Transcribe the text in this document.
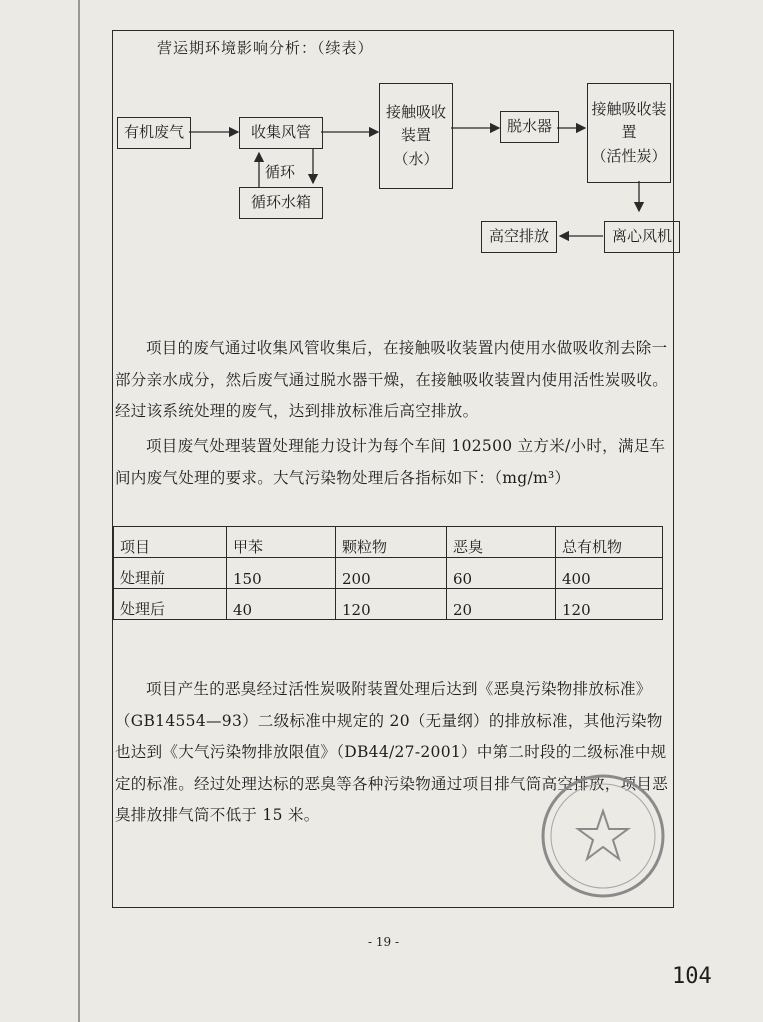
营运期环境影响分析：（续表）
有机废气	收集风管
循环
循环水箱
接触吸收
装置
（水）
脱水器
接触吸收装
置
（活性炭）
离心风机
高空排放

项目的废气通过收集风管收集后，在接触吸收装置内使用水做吸收剂去除一部分亲水成分，然后废气通过脱水器干燥，在接触吸收装置内使用活性炭吸收。经过该系统处理的废气，达到排放标准后高空排放。

项目废气处理装置处理能力设计为每个车间 102500 立方米/小时，满足车间内废气处理的要求。大气污染物处理后各指标如下：（mg/m³）

项目	甲苯	颗粒物	恶臭	总有机物
处理前	150	200	60	400
处理后	40	120	20	120

项目产生的恶臭经过活性炭吸附装置处理后达到《恶臭污染物排放标准》（GB14554—93）二级标准中规定的 20（无量纲）的排放标准，其他污染物也达到《大气污染物排放限值》（DB44/27-2001）中第二时段的二级标准中规定的标准。经过处理达标的恶臭等各种污染物通过项目排气筒高空排放，项目恶臭排放排气筒不低于 15 米。

- 19 -
104
